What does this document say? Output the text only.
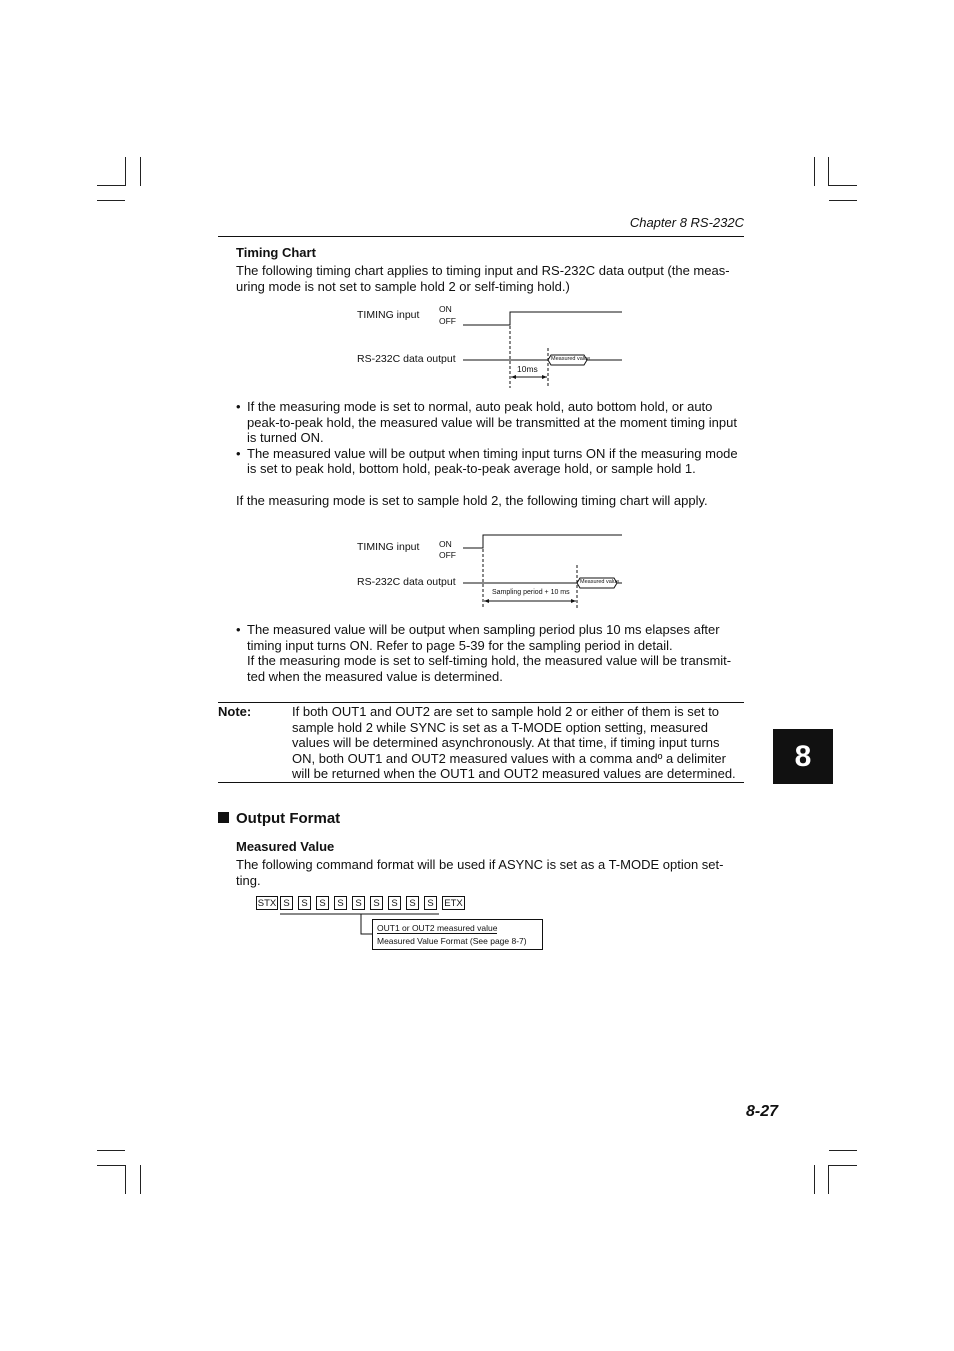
Chapter 8 RS-232C
Timing Chart
The following timing chart applies to timing input and RS-232C data output (the meas-uring mode is not set to sample hold 2 or self-timing hold.)
TIMING input ON
OFF
RS-232C data output	Measured value
10ms
• If the measuring mode is set to normal, auto peak hold, auto bottom hold, or auto peak-to-peak hold, the measured value will be transmitted at the moment timing input is turned ON.
• The measured value will be output when timing input turns ON if the measuring mode is set to peak hold, bottom hold, peak-to-peak average hold, or sample hold 1.
If the measuring mode is set to sample hold 2, the following timing chart will apply.
TIMING input ON
OFF
RS-232C data output	Measured value
Sampling period + 10 ms
• The measured value will be output when sampling period plus 10 ms elapses after timing input turns ON. Refer to page 5-39 for the sampling period in detail.
If the measuring mode is set to self-timing hold, the measured value will be transmit-ted when the measured value is determined.
Note:	If both OUT1 and OUT2 are set to sample hold 2 or either of them is set to sample hold 2 while SYNC is set as a T-MODE option setting, measured values will be determined asynchronously. At that time, if timing input turns ON, both OUT1 and OUT2 measured values with a comma andº a delimiter will be returned when the OUT1 and OUT2 measured values are determined.
Output Format
Measured Value
The following command format will be used if ASYNC is set as a T-MODE option set-ting.
STX S	S	S	S	S	S	S	S	S	ETX
OUT1 or OUT2 measured value
Measured Value Format (See page 8-7)
8
8-27
